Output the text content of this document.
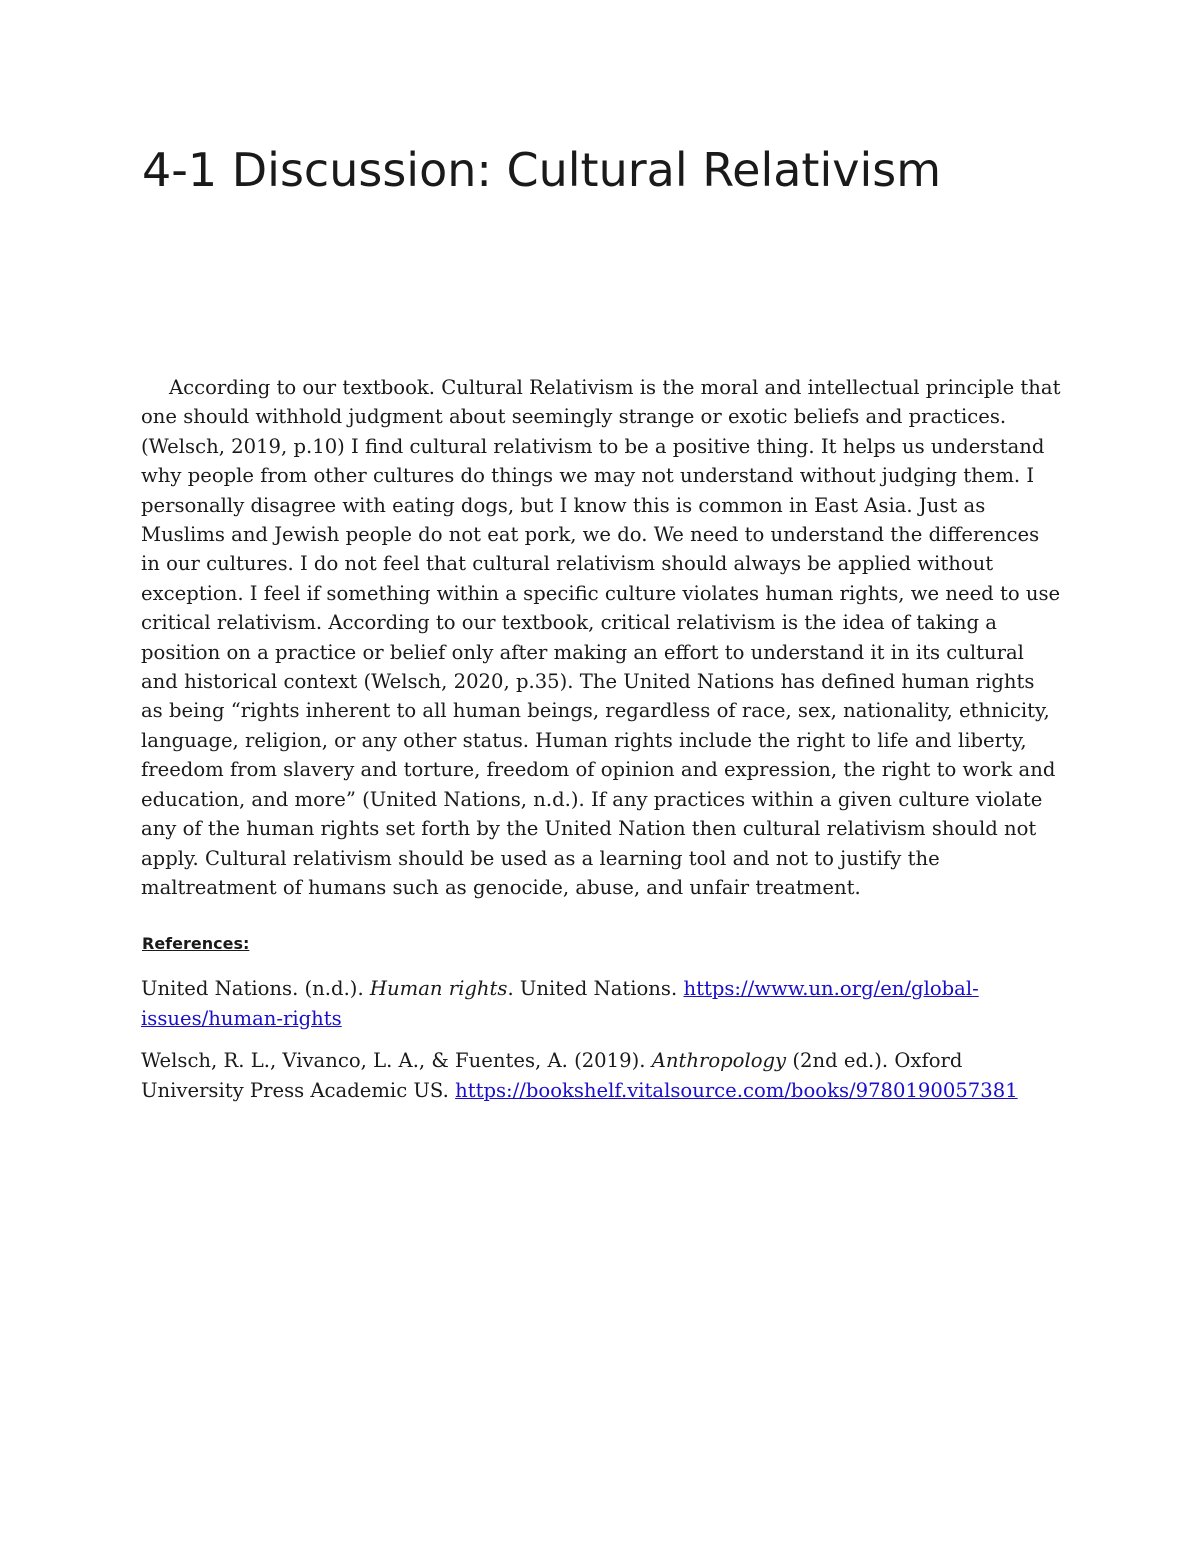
4-1 Discussion: Cultural Relativism

According to our textbook. Cultural Relativism is the moral and intellectual principle that one should withhold judgment about seemingly strange or exotic beliefs and practices. (Welsch, 2019, p.10) I find cultural relativism to be a positive thing. It helps us understand why people from other cultures do things we may not understand without judging them. I personally disagree with eating dogs, but I know this is common in East Asia. Just as Muslims and Jewish people do not eat pork, we do. We need to understand the differences in our cultures. I do not feel that cultural relativism should always be applied without exception. I feel if something within a specific culture violates human rights, we need to use critical relativism. According to our textbook, critical relativism is the idea of taking a position on a practice or belief only after making an effort to understand it in its cultural and historical context (Welsch, 2020, p.35). The United Nations has defined human rights as being “rights inherent to all human beings, regardless of race, sex, nationality, ethnicity, language, religion, or any other status. Human rights include the right to life and liberty, freedom from slavery and torture, freedom of opinion and expression, the right to work and education, and more” (United Nations, n.d.). If any practices within a given culture violate any of the human rights set forth by the United Nation then cultural relativism should not apply. Cultural relativism should be used as a learning tool and not to justify the maltreatment of humans such as genocide, abuse, and unfair treatment.

References:

United Nations. (n.d.). Human rights. United Nations. https://www.un.org/en/global-issues/human-rights

Welsch, R. L., Vivanco, L. A., & Fuentes, A. (2019). Anthropology (2nd ed.). Oxford University Press Academic US. https://bookshelf.vitalsource.com/books/9780190057381
